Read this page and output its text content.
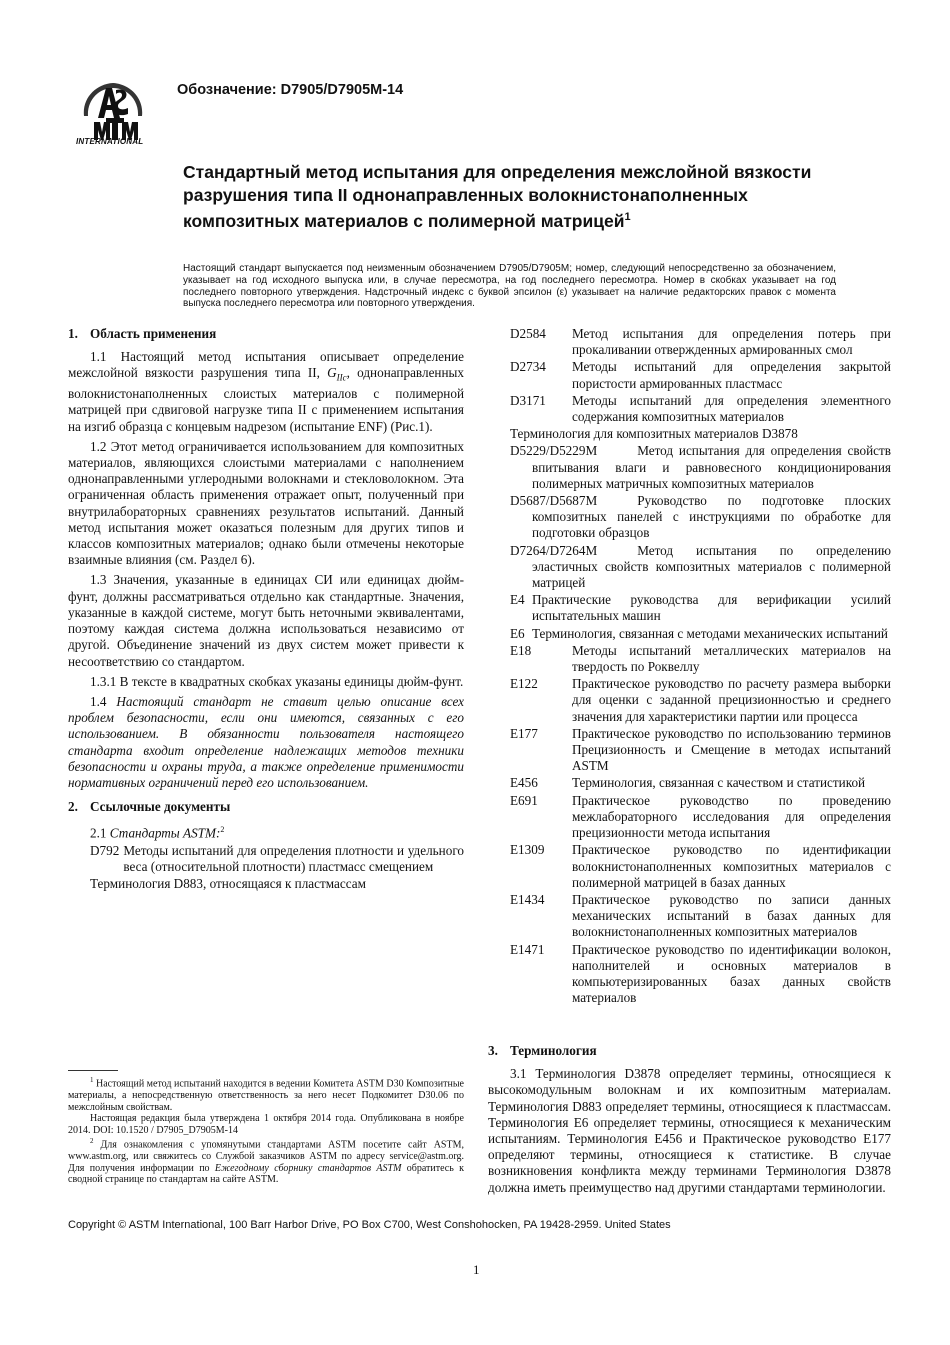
INTERNATIONAL
Обозначение: D7905/D7905M-14
Стандартный метод испытания для определения межслойной вязкости разрушения типа II однонаправленных волокнистонаполненных композитных материалов с полимерной матрицей$^1$
Настоящий стандарт выпускается под неизменным обозначением D7905/D7905M; номер, следующий непосредственно за обозначением, указывает на год исходного выпуска или, в случае пересмотра, на год последнего пересмотра. Номер в скобках указывает на год последнего повторного утверждения. Надстрочный индекс с буквой эпсилон (ε) указывает на наличие редакторских правок с момента выпуска последнего пересмотра или повторного утверждения.
1. Область применения

1.1 Настоящий метод испытания описывает определение межслойной вязкости разрушения типа II, $G_{IIc}$, однонаправленных волокнистонаполненных слоистых материалов с полимерной матрицей при сдвиговой нагрузке типа II с применением испытания на изгиб образца с концевым надрезом (испытание ENF) (Рис.1).

1.2 Этот метод ограничивается использованием для композитных материалов, являющихся слоистыми материалами с наполнением однонаправленными углеродными волокнами и стекловолокном. Эта ограниченная область применения отражает опыт, полученный при внутрилабораторных сравнениях результатов испытаний. Данный метод испытания может оказаться полезным для других типов и классов композитных материалов; однако были отмечены некоторые взаимные влияния (см. Раздел 6).

1.3 Значения, указанные в единицах СИ или единицах дюйм-фунт, должны рассматриваться отдельно как стандартные. Значения, указанные в каждой системе, могут быть неточными эквивалентами, поэтому каждая система должна использоваться независимо от другой. Объединение значений из двух систем может привести к несоответствию со стандартом.

1.3.1 В тексте в квадратных скобках указаны единицы дюйм-фунт.

1.4 Настоящий стандарт не ставит целью описание всех проблем безопасности, если они имеются, связанных с его использованием. В обязанности пользователя настоящего стандарта входит определение надлежащих методов техники безопасности и охраны труда, а также определение применимости нормативных ограничений перед его использованием.

2. Ссылочные документы

2.1 Стандарты ASTM:$^2$

D792 Методы испытаний для определения плотности и удельного веса (относительной плотности) пластмасс смещением
Терминология D883, относящаяся к пластмассам
D2584	Метод испытания для определения потерь при прокаливании отвержденных армированных смол
D2734	Методы испытаний для определения закрытой пористости армированных пластмасс
D3171	Методы испытаний для определения элементного содержания композитных материалов
Терминология для композитных материалов D3878
D5229/D5229M	Метод испытания для определения свойств впитывания влаги и равновесного кондиционирования полимерных матричных композитных материалов
D5687/D5687M	Руководство по подготовке плоских композитных панелей с инструкциями по обработке для подготовки образцов
D7264/D7264M	Метод испытания по определению эластичных свойств композитных материалов с полимерной матрицей
E4 Практические руководства для верификации усилий испытательных машин
E6 Терминология, связанная с методами механических испытаний
E18	Методы испытаний металлических материалов на твердость по Роквеллу
E122	Практическое руководство по расчету размера выборки для оценки с заданной прецизионностью и среднего значения для характеристики партии или процесса
E177	Практическое руководство по использованию терминов Прецизионность и Смещение в методах испытаний ASTM
E456	Терминология, связанная с качеством и статистикой
E691	Практическое руководство по проведению межлабораторного исследования для определения прецизионности метода испытания
E1309	Практическое руководство по идентификации волокнистонаполненных композитных материалов с полимерной матрицей в базах данных
E1434	Практическое руководство по записи данных механических испытаний в базах данных для волокнистонаполненных композитных материалов
E1471	Практическое руководство по идентификации волокон, наполнителей и основных материалов в компьютеризированных базах данных свойств материалов
3. Терминология

3.1 Терминология D3878 определяет термины, относящиеся к высокомодульным волокнам и их композитным материалам. Терминология D883 определяет термины, относящиеся к пластмассам. Терминология E6 определяет термины, относящиеся к механическим испытаниям. Терминология E456 и Практическое руководство E177 определяют термины, относящиеся к статистике. В случае возникновения конфликта между терминами Терминология D3878 должна иметь преимущество над другими стандартами терминологии.

$^1$ Настоящий метод испытаний находится в ведении Комитета ASTM D30 Композитные материалы, а непосредственную ответственность за него несет Подкомитет D30.06 по межслойным свойствам.

Настоящая редакция была утверждена 1 октября 2014 года. Опубликована в ноябре 2014. DOI: 10.1520 / D7905_D7905M-14

$^2$ Для ознакомления с упомянутыми стандартами ASTM посетите сайт ASTM, www.astm.org, или свяжитесь со Службой заказчиков ASTM по адресу service@astm.org. Для получения информации по Ежегодному сборнику стандартов ASTM обратитесь к сводной странице по стандартам на сайте ASTM.

Copyright © ASTM International, 100 Barr Harbor Drive, PO Box C700, West Conshohocken, PA 19428-2959. United States
1
